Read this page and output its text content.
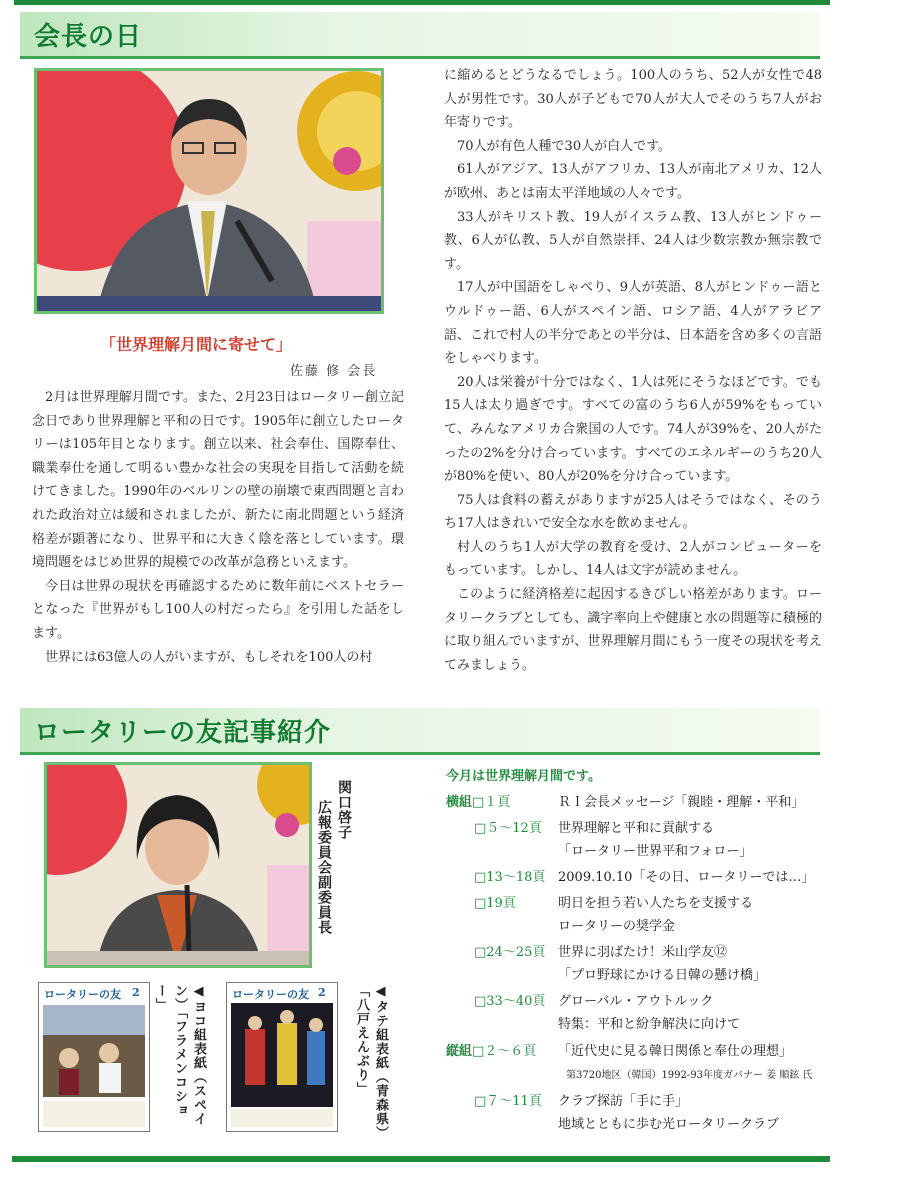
会長の日
「世界理解月間に寄せて」
佐藤 修 会長

2月は世界理解月間です。また、2月23日はロータリー創立記念日であり世界理解と平和の日です。1905年に創立したロータリーは105年目となります。創立以来、社会奉仕、国際奉仕、職業奉仕を通して明るい豊かな社会の実現を目指して活動を続けてきました。1990年のベルリンの壁の崩壊で東西問題と言われた政治対立は緩和されましたが、新たに南北問題という経済格差が顕著になり、世界平和に大きく陰を落としています。環境問題をはじめ世界的規模での改革が急務といえます。

今日は世界の現状を再確認するために数年前にベストセラーとなった『世界がもし100人の村だったら』を引用した話をします。

世界には63億人の人がいますが、もしそれを100人の村

に縮めるとどうなるでしょう。100人のうち、52人が女性で48人が男性です。30人が子どもで70人が大人でそのうち7人がお年寄りです。

70人が有色人種で30人が白人です。

61人がアジア、13人がアフリカ、13人が南北アメリカ、12人が欧州、あとは南太平洋地域の人々です。

33人がキリスト教、19人がイスラム教、13人がヒンドゥー教、6人が仏教、5人が自然崇拝、24人は少数宗教か無宗教です。

17人が中国語をしゃべり、9人が英語、8人がヒンドゥー語とウルドゥー語、6人がスペイン語、ロシア語、4人がアラビア語、これで村人の半分であとの半分は、日本語を含め多くの言語をしゃべります。

20人は栄養が十分ではなく、1人は死にそうなほどです。でも15人は太り過ぎです。すべての富のうち6人が59%をもっていて、みんなアメリカ合衆国の人です。74人が39%を、20人がたったの2%を分け合っています。すべてのエネルギーのうち20人が80%を使い、80人が20%を分け合っています。

75人は食料の蓄えがありますが25人はそうではなく、そのうち17人はきれいで安全な水を飲めません。

村人のうち1人が大学の教育を受け、2人がコンピューターをもっています。しかし、14人は文字が読めません。

このように経済格差に起因するきびしい格差があります。ロータリークラブとしても、識字率向上や健康と水の問題等に積極的に取り組んでいますが、世界理解月間にもう一度その現状を考えてみましょう。

ロータリーの友記事紹介
関口啓子
広報委員会副委員長
ロータリーの友 2	◀ヨコ組表紙（スペイン）「フラメンコショー」	ロータリーの友 2	◀タテ組表紙（青森県）「八戸えんぶり」
今月は世界理解月間です。
横組□１頁	ＲＩ会長メッセージ「親睦・理解・平和」
□５～12頁 世界理解と平和に貢献する
「ロータリー世界平和フォロー」
□13～18頁 2009.10.10「その日、ロータリーでは…」
□19頁	明日を担う若い人たちを支援する
ロータリーの奨学金
□24～25頁 世界に羽ばたけ！米山学友⑫
「プロ野球にかける日韓の懸け橋」
□33～40頁 グローバル・アウトルック
特集：平和と紛争解決に向けて
縦組□２～６頁 「近代史に見る韓日関係と奉仕の理想」
第3720地区（韓国）1992-93年度ガバナー 姜 順鉉 氏
□７～11頁 クラブ探訪「手に手」
地域とともに歩む光ロータリークラブ
